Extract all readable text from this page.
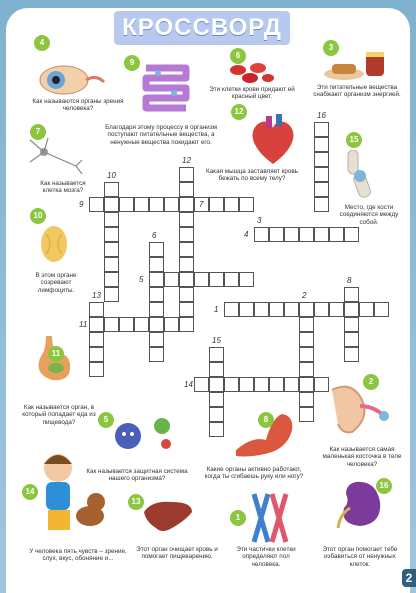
КРОССВОРД
9
10
12
7
16
4
3
6
5
1
2
8
13
11
15
14
4
9
6
3
7
12
15
10
11
2
5	8
14
13
1
16
Как называются органы зрения человека?
Благодаря этому процессу в организм поступают питательные вещества, а ненужные вещества покидают его.
Эти клетки крови придают ей красный цвет.
Эти питательные вещества снабжают организм энергией.
Как называется клетка мозга?
Какая мышца заставляет кровь бежать по всему телу?
Место, где кости соединяются между собой.
В этом органе созревают лимфоциты.
Как называется орган, в который попадает еда из пищевода?
Как называется самая маленькая косточка в теле человека?
Как называется защитная система нашего организма?
Какие органы активно работают, когда ты сгибаешь руку или ногу?
У человека пять чувств – зрение, слух, вкус, обоняние и...
Этот орган очищает кровь и помогает пищеварению.
Эти частички клетки определяют пол человека.
Этот орган помогает тебе избавиться от ненужных клеток.
2
